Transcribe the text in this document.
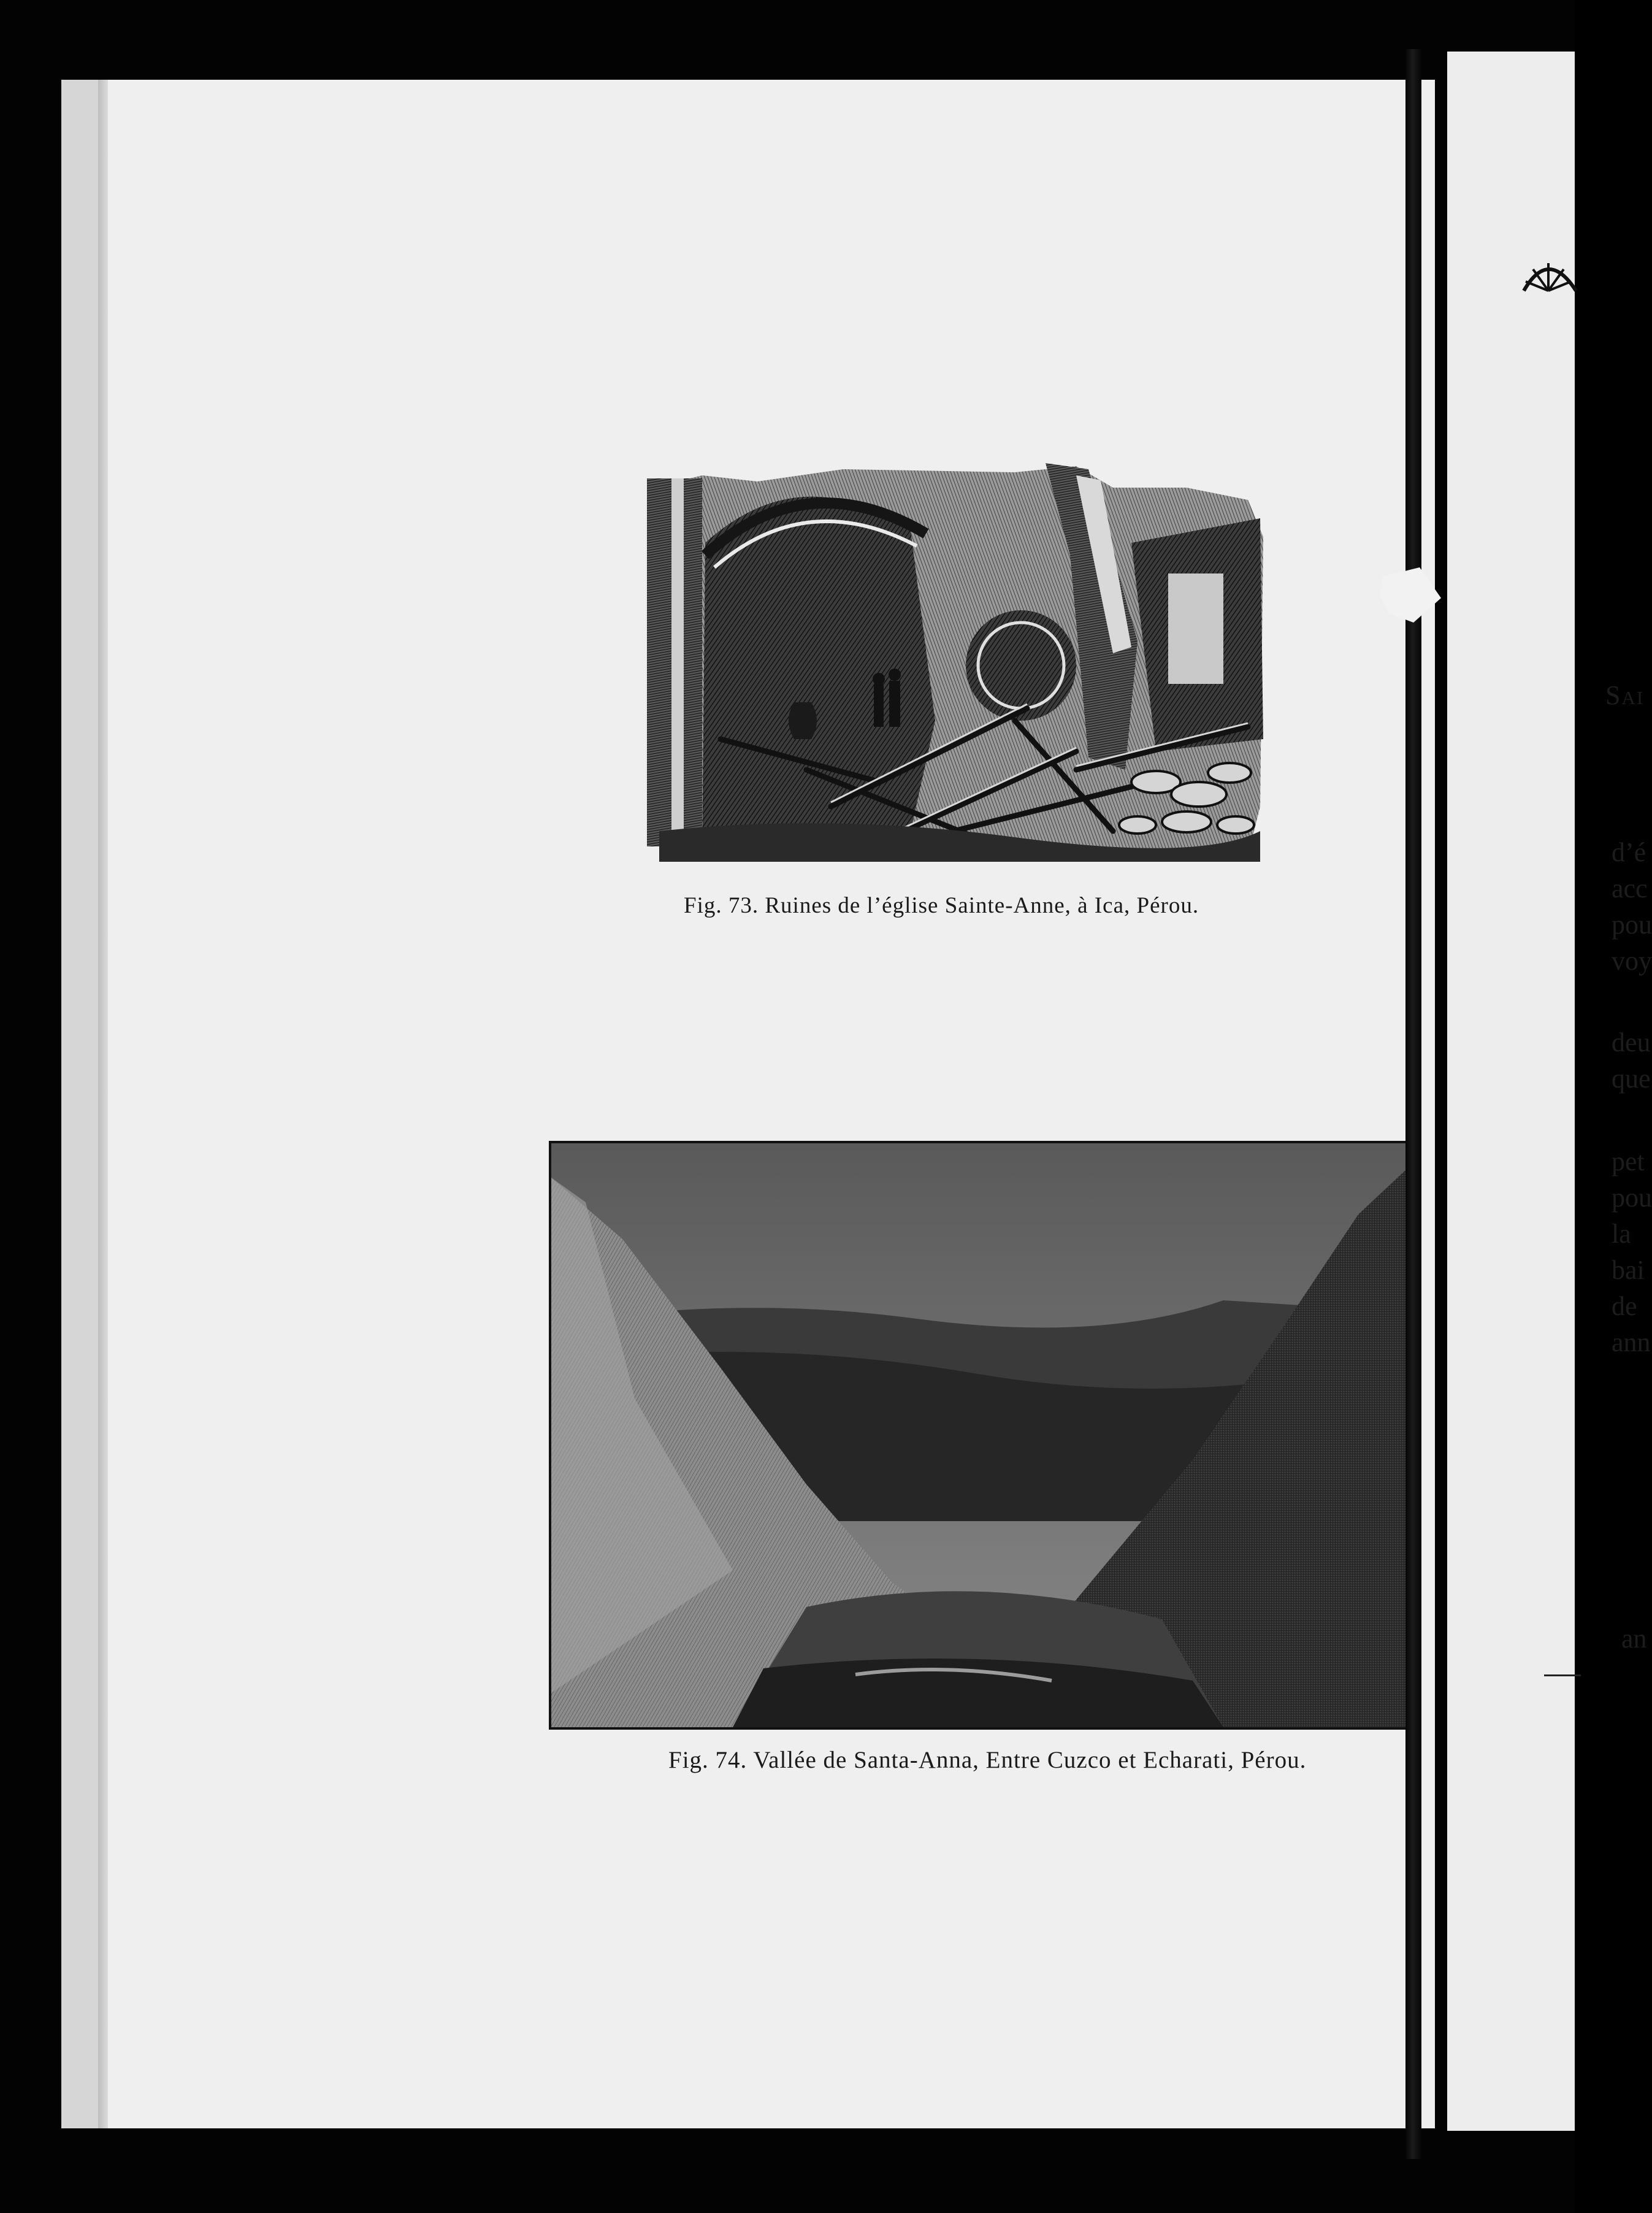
Fig. 73. Ruines de l’église Sainte-Anne, à Ica, Pérou.
Fig. 74. Vallée de Santa-Anna, Entre Cuzco et Echarati, Pérou.
Sai
d’é
acc
pou
voy
deu
que
pet
pou
la
bai
de
ann
an
